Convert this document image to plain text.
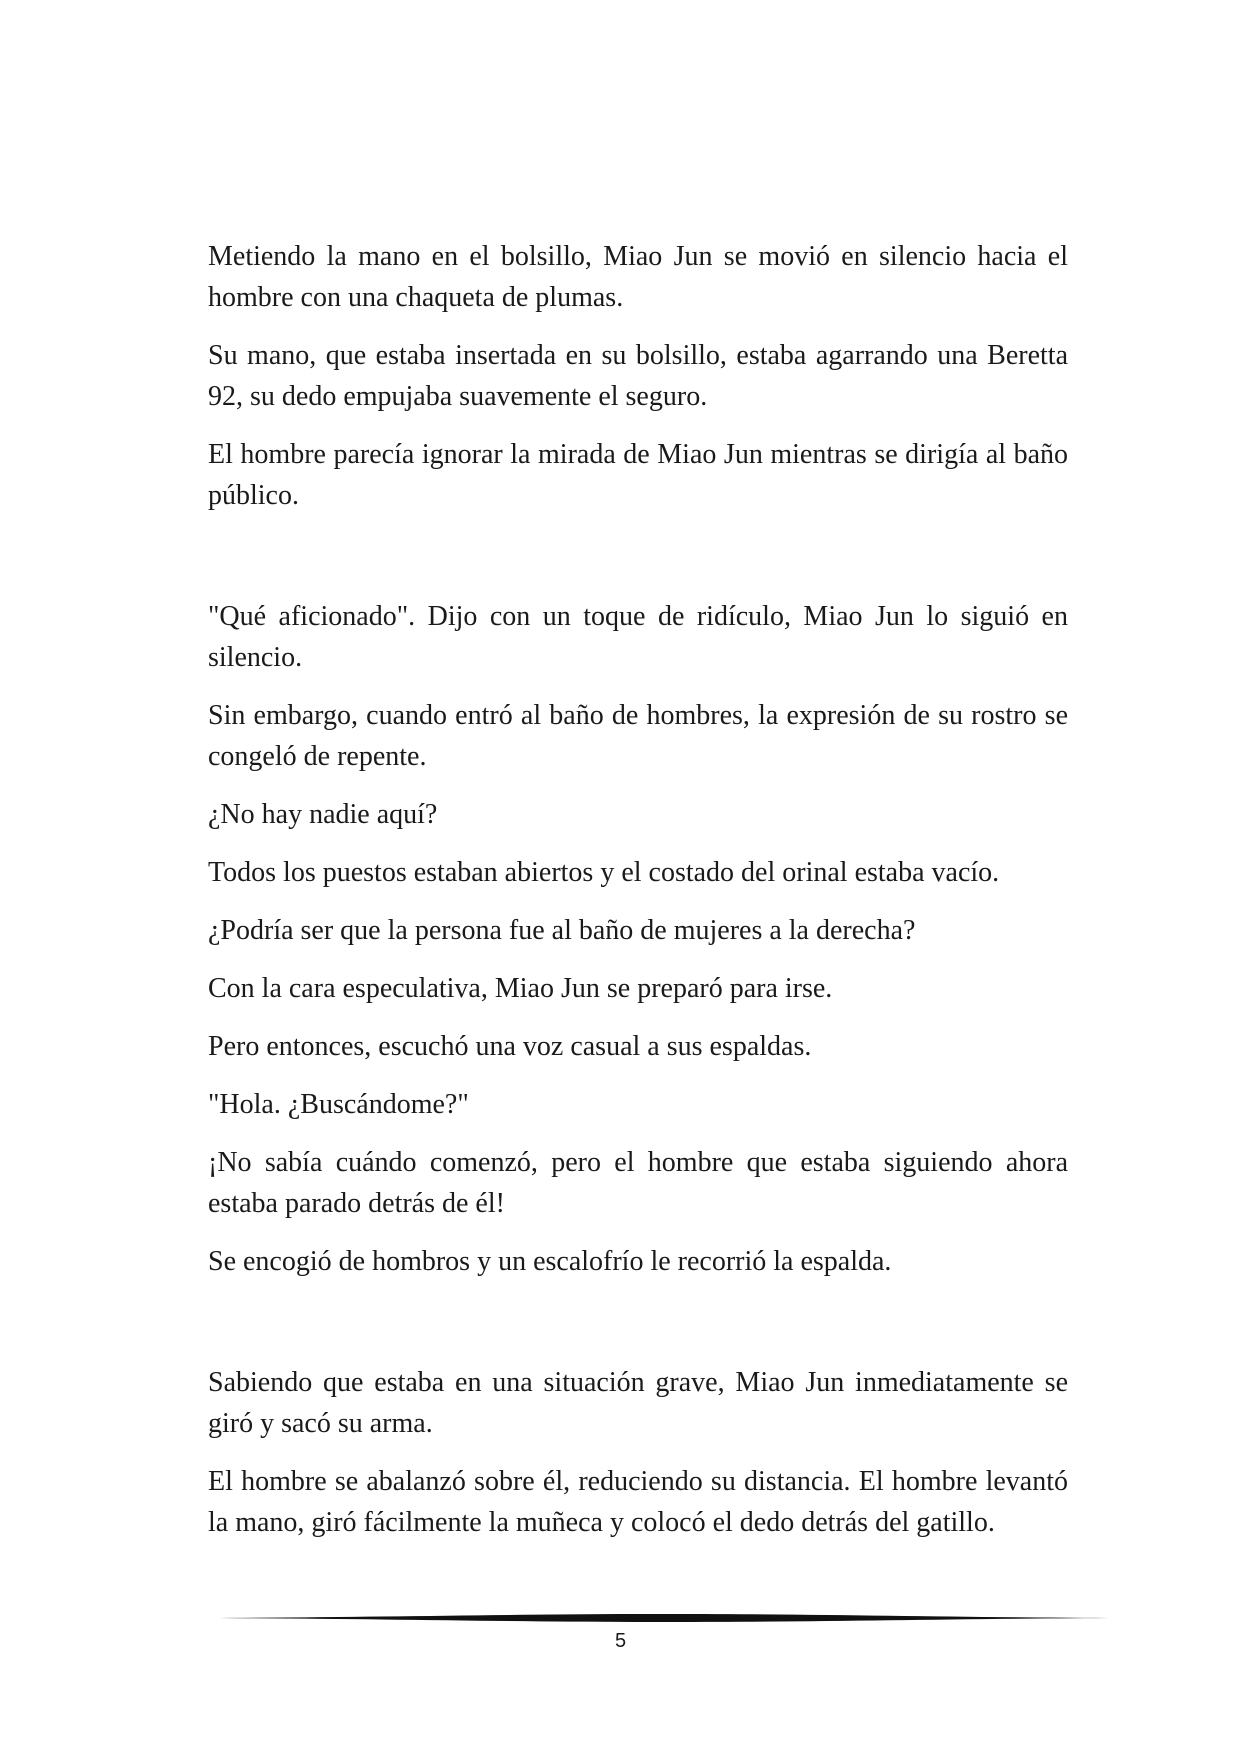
Metiendo la mano en el bolsillo, Miao Jun se movió en silencio hacia el hombre con una chaqueta de plumas.

Su mano, que estaba insertada en su bolsillo, estaba agarrando una Beretta 92, su dedo empujaba suavemente el seguro.

El hombre parecía ignorar la mirada de Miao Jun mientras se dirigía al baño público.

"Qué aficionado". Dijo con un toque de ridículo, Miao Jun lo siguió en silencio.

Sin embargo, cuando entró al baño de hombres, la expresión de su rostro se congeló de repente.

¿No hay nadie aquí?

Todos los puestos estaban abiertos y el costado del orinal estaba vacío.

¿Podría ser que la persona fue al baño de mujeres a la derecha?

Con la cara especulativa, Miao Jun se preparó para irse.

Pero entonces, escuchó una voz casual a sus espaldas.

"Hola. ¿Buscándome?"

¡No sabía cuándo comenzó, pero el hombre que estaba siguiendo ahora estaba parado detrás de él!

Se encogió de hombros y un escalofrío le recorrió la espalda.

Sabiendo que estaba en una situación grave, Miao Jun inmediatamente se giró y sacó su arma.

El hombre se abalanzó sobre él, reduciendo su distancia. El hombre levantó la mano, giró fácilmente la muñeca y colocó el dedo detrás del gatillo.

5
